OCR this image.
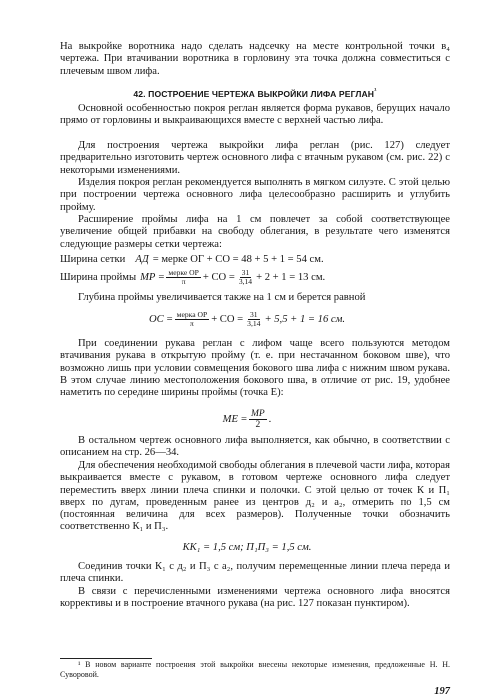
На выкройке воротника надо сделать надсечку на месте контрольной точки в₄ чертежа. При втачивании воротника в горловину эта точка должна совместиться с плечевым швом лифа.

42. ПОСТРОЕНИЕ ЧЕРТЕЖА ВЫКРОЙКИ ЛИФА $РЕГЛАН^{^1}$

Основной особенностью покроя реглан является форма рукавов, берущих начало прямо от горловины и выкраивающихся вместе с верхней частью лифа.

Для построения чертежа выкройки лифа реглан (рис. 127) следует предварительно изготовить чертеж основного лифа с втачным рукавом (см. рис. 22) с некоторыми изменениями.

Изделия покроя реглан рекомендуется выполнять в мягком силуэте. С этой целью при построении чертежа основного лифа целесообразно расширить и углубить пройму.

Расширение проймы лифа на 1 см повлечет за собой соответствующее увеличение общей прибавки на свободу облегания, в результате чего изменятся следующие размеры сетки чертежа:

Ширина сетки АД = мерке ОГ + СО = 48 + 5 + 1 = 54 см.
Ширина проймы МР = $\frac{\text{мерке ОР}}{\pi}$ + СО = $\frac{31}{3,14} + 2 + 1 = 13$ см.

Глубина проймы увеличивается также на 1 см и берется равной

ОС = $\frac{\text{мерка ОР}}{\pi}$ + СО = $\frac{31}{3,14} + 5,5 + 1 = 16$ см.

При соединении рукава реглан с лифом чаще всего пользуются методом втачивания рукава в открытую пройму (т. е. при нестачанном боковом шве), что возможно лишь при условии совмещения бокового шва лифа с нижним швом рукава. В этом случае линию местоположения бокового шва, в отличие от рис. 19, удобнее наметить по середине ширины проймы (точка Е):

МЕ = $\frac{МР}{2}$ .

В остальном чертеж основного лифа выполняется, как обычно, в соответствии с описанием на стр. 26—34.

Для обеспечения необходимой свободы облегания в плечевой части лифа, которая выкраивается вместе с рукавом, в готовом чертеже основного лифа следует переместить вверх линии плеча спинки и полочки. С этой целью от точек К и П₁ вверх по дугам, проведенным ранее из центров д₂ и а₂, отмерить по 1,5 см (постоянная величина для всех размеров). Полученные точки обозначить соответственно К₁ и П₃.

КК₁ = 1,5 см; П₁П₃ = 1,5 см.

Соединив точки К₁ с д₂ и П₃ с а₂, получим перемещенные линии плеча переда и плеча спинки.

В связи с перечисленными изменениями чертежа основного лифа вносятся коррективы и в построение втачного рукава (на рис. 127 показан пунктиром).

¹ В новом варианте построения этой выкройки внесены некоторые изменения, предложенные Н. Н. Суворовой.

197
